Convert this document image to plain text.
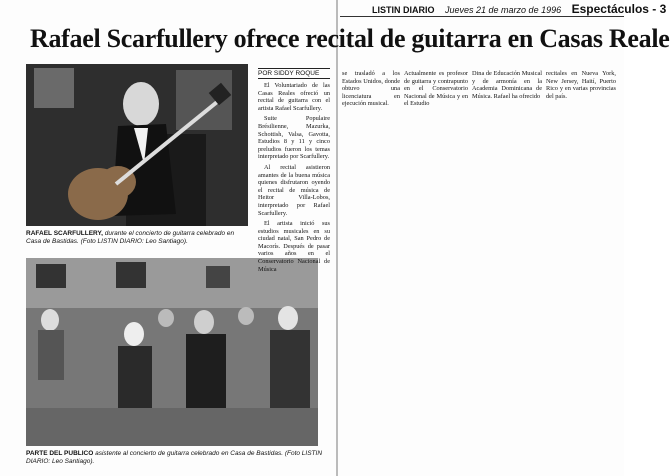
LISTIN DIARIO Jueves 21 de marzo de 1996 Espectáculos - 3
Rafael Scarfullery ofrece recital de guitarra en Casas Reale
RAFAEL SCARFULLERY, durante el concierto de guitarra celebrado en Casa de Bastidas. (Foto LISTIN DIARIO: Leo Santiago).
PARTE DEL PUBLICO asistente al concierto de guitarra celebrado en Casa de Bastidas. (Foto LISTIN DIARIO: Leo Santiago).
POR SIDDY ROQUE

El Voluntariado de las Casas Reales ofreció un recital de guitarra con el artista Rafael Scarfullery.

Suite Populaire Brésilienne, Mazurka, Schottish, Valsa, Gavotta, Estudios 8 y 11 y cinco preludios fueron los temas interpretado por Scarfullery.

Al recital asistieron amantes de la buena música quienes disfrutaron oyendo el recital de música de Heitor Villa-Lobos, interpretado por Rafael Scarfullery.

El artista inició sus estudios musicales en su ciudad natal, San Pedro de Macorís. Después de pasar varios años en el Conservatorio Nacional de Música

se trasladó a los Estados Unidos, donde obtuvo una licenciatura en ejecución musical.
Actualmente es profesor de guitarra y contrapunto en el Conservatorio Nacional de Música y en el Estudio
Dina de Educación Musical y de armonía en la Academia Dominicana de Música. Rafael ha ofrecido
recitales en Nueva York, New Jersey, Haití, Puerto Rico y en varias provincias del país.
